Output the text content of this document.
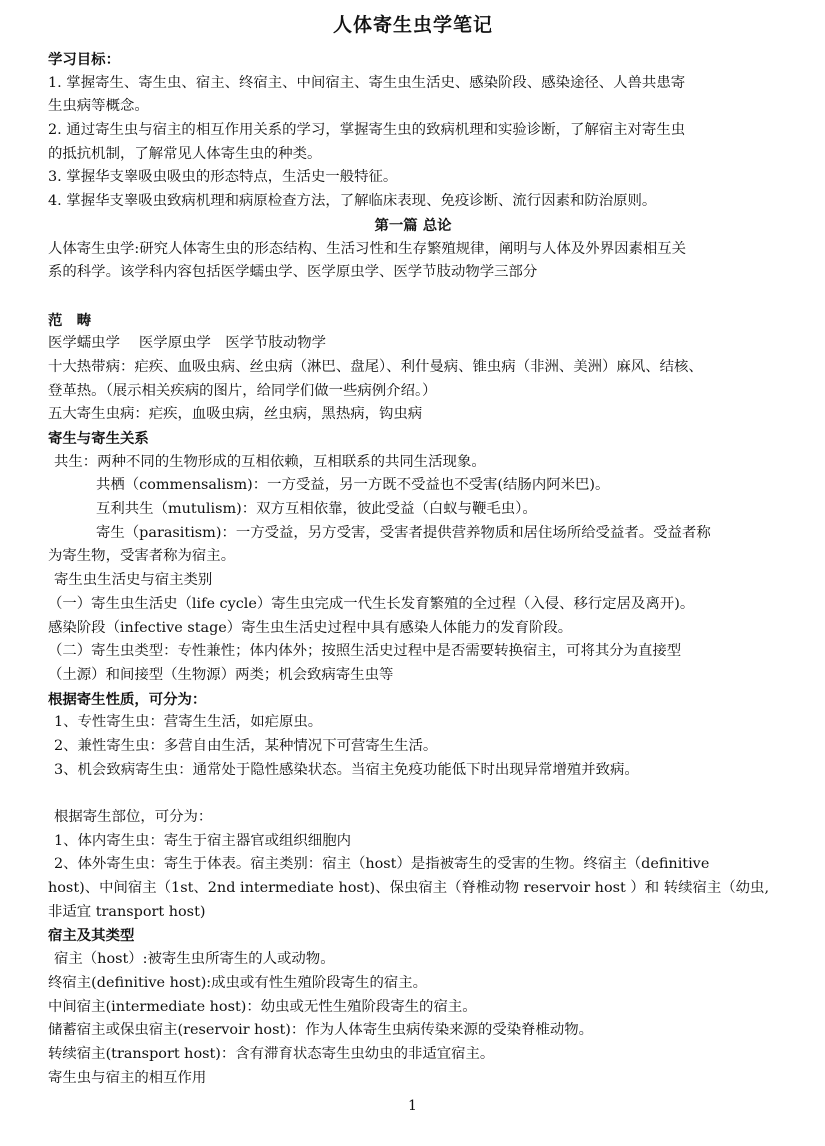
人体寄生虫学笔记
学习目标：
1. 掌握寄生、寄生虫、宿主、终宿主、中间宿主、寄生虫生活史、感染阶段、感染途径、人兽共患寄
生虫病等概念。
2. 通过寄生虫与宿主的相互作用关系的学习，掌握寄生虫的致病机理和实验诊断，了解宿主对寄生虫
的抵抗机制，了解常见人体寄生虫的种类。
3. 掌握华支睾吸虫吸虫的形态特点，生活史一般特征。
4. 掌握华支睾吸虫致病机理和病原检查方法，了解临床表现、免疫诊断、流行因素和防治原则。
第一篇 总论
人体寄生虫学:研究人体寄生虫的形态结构、生活习性和生存繁殖规律，阐明与人体及外界因素相互关
系的科学。该学科内容包括医学蠕虫学、医学原虫学、医学节肢动物学三部分
范　畴
医学蠕虫学　 医学原虫学　医学节肢动物学
十大热带病：疟疾、血吸虫病、丝虫病（淋巴、盘尾）、利什曼病、锥虫病（非洲、美洲）麻风、结核、
登革热。（展示相关疾病的图片，给同学们做一些病例介绍。）
五大寄生虫病：疟疾，血吸虫病，丝虫病，黑热病，钩虫病
寄生与寄生关系
共生：两种不同的生物形成的互相依赖，互相联系的共同生活现象。
共栖（commensalism)：一方受益，另一方既不受益也不受害(结肠内阿米巴)。
互利共生（mutulism)：双方互相依靠，彼此受益（白蚁与鞭毛虫）。
寄生（parasitism)：一方受益，另方受害，受害者提供营养物质和居住场所给受益者。受益者称
为寄生物，受害者称为宿主。
寄生虫生活史与宿主类别
（一）寄生虫生活史（life cycle）寄生虫完成一代生长发育繁殖的全过程（入侵、移行定居及离开)。
感染阶段（infective stage）寄生虫生活史过程中具有感染人体能力的发育阶段。
（二）寄生虫类型：专性兼性；体内体外；按照生活史过程中是否需要转换宿主，可将其分为直接型
（土源）和间接型（生物源）两类；机会致病寄生虫等
根据寄生性质，可分为：
1、专性寄生虫：营寄生生活，如疟原虫。
2、兼性寄生虫：多营自由生活，某种情况下可营寄生生活。
3、机会致病寄生虫：通常处于隐性感染状态。当宿主免疫功能低下时出现异常增殖并致病。
根据寄生部位，可分为：
1、体内寄生虫：寄生于宿主器官或组织细胞内
2、体外寄生虫：寄生于体表。宿主类别：宿主（host）是指被寄生的受害的生物。终宿主（definitive
host)、中间宿主（1st、2nd intermediate host)、保虫宿主（脊椎动物 reservoir host ）和 转续宿主（幼虫,
非适宜 transport host)
宿主及其类型
宿主（host）:被寄生虫所寄生的人或动物。
终宿主(definitive host):成虫或有性生殖阶段寄生的宿主。
中间宿主(intermediate host)：幼虫或无性生殖阶段寄生的宿主。
储蓄宿主或保虫宿主(reservoir host)：作为人体寄生虫病传染来源的受染脊椎动物。
转续宿主(transport host)：含有滞育状态寄生虫幼虫的非适宜宿主。
寄生虫与宿主的相互作用
1
